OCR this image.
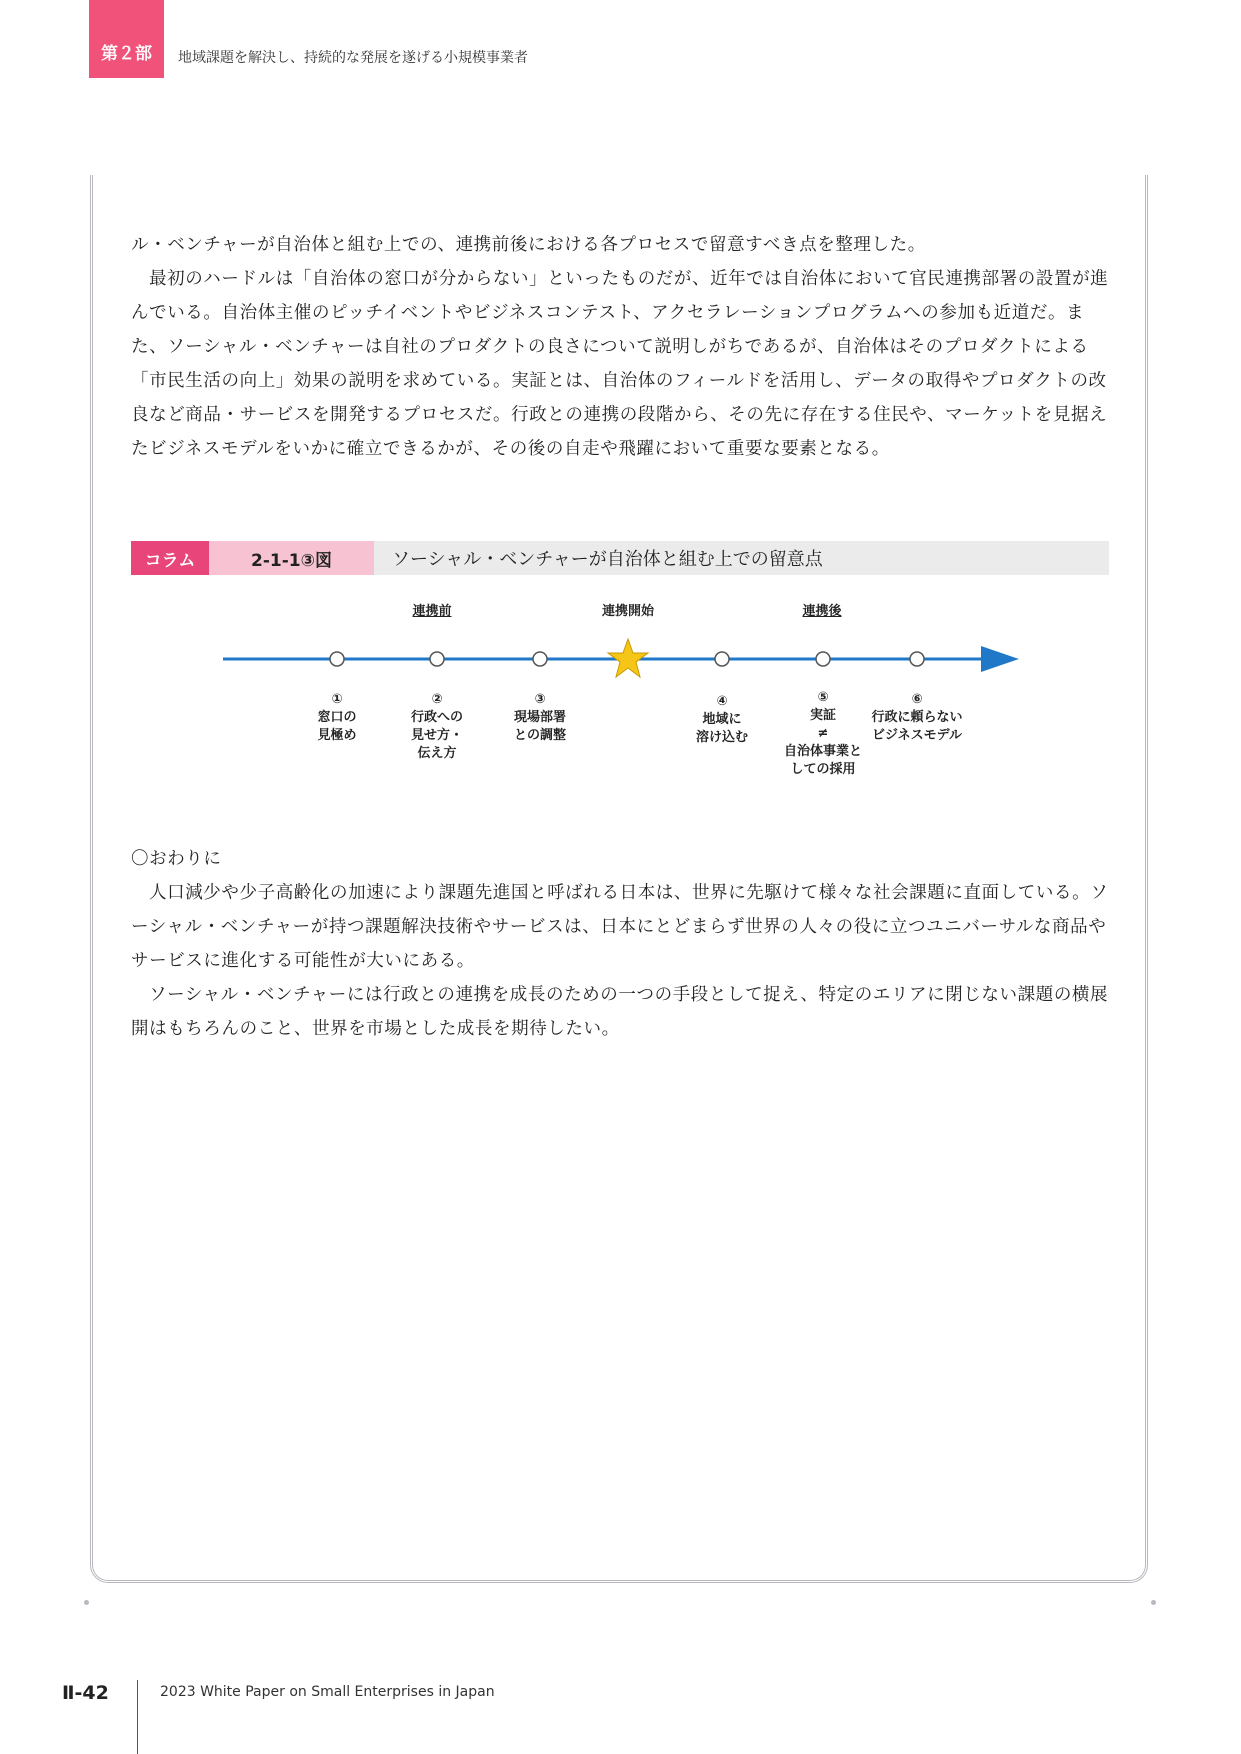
第２部 地域課題を解決し、持続的な発展を遂げる小規模事業者

ル・ベンチャーが自治体と組む上での、連携前後における各プロセスで留意すべき点を整理した。

最初のハードルは「自治体の窓口が分からない」といったものだが、近年では自治体において官民連携部署の設置が進んでいる。自治体主催のピッチイベントやビジネスコンテスト、アクセラレーションプログラムへの参加も近道だ。また、ソーシャル・ベンチャーは自社のプロダクトの良さについて説明しがちであるが、自治体はそのプロダクトによる「市民生活の向上」効果の説明を求めている。実証とは、自治体のフィールドを活用し、データの取得やプロダクトの改良など商品・サービスを開発するプロセスだ。行政との連携の段階から、その先に存在する住民や、マーケットを見据えたビジネスモデルをいかに確立できるかが、その後の自走や飛躍において重要な要素となる。

コラム	2-1-1③図	ソーシャル・ベンチャーが自治体と組む上での留意点
連携前	連携開始	連携後
①
窓口の
見極め
②
行政への
見せ方・
伝え方
③
現場部署
との調整
④
地域に
溶け込む
⑤
実証
≠
自治体事業と
しての採用
⑥
行政に頼らない
ビジネスモデル

〇おわりに

人口減少や少子高齢化の加速により課題先進国と呼ばれる日本は、世界に先駆けて様々な社会課題に直面している。ソーシャル・ベンチャーが持つ課題解決技術やサービスは、日本にとどまらず世界の人々の役に立つユニバーサルな商品やサービスに進化する可能性が大いにある。

ソーシャル・ベンチャーには行政との連携を成長のための一つの手段として捉え、特定のエリアに閉じない課題の横展開はもちろんのこと、世界を市場とした成長を期待したい。

Ⅱ-42	2023 White Paper on Small Enterprises in Japan
